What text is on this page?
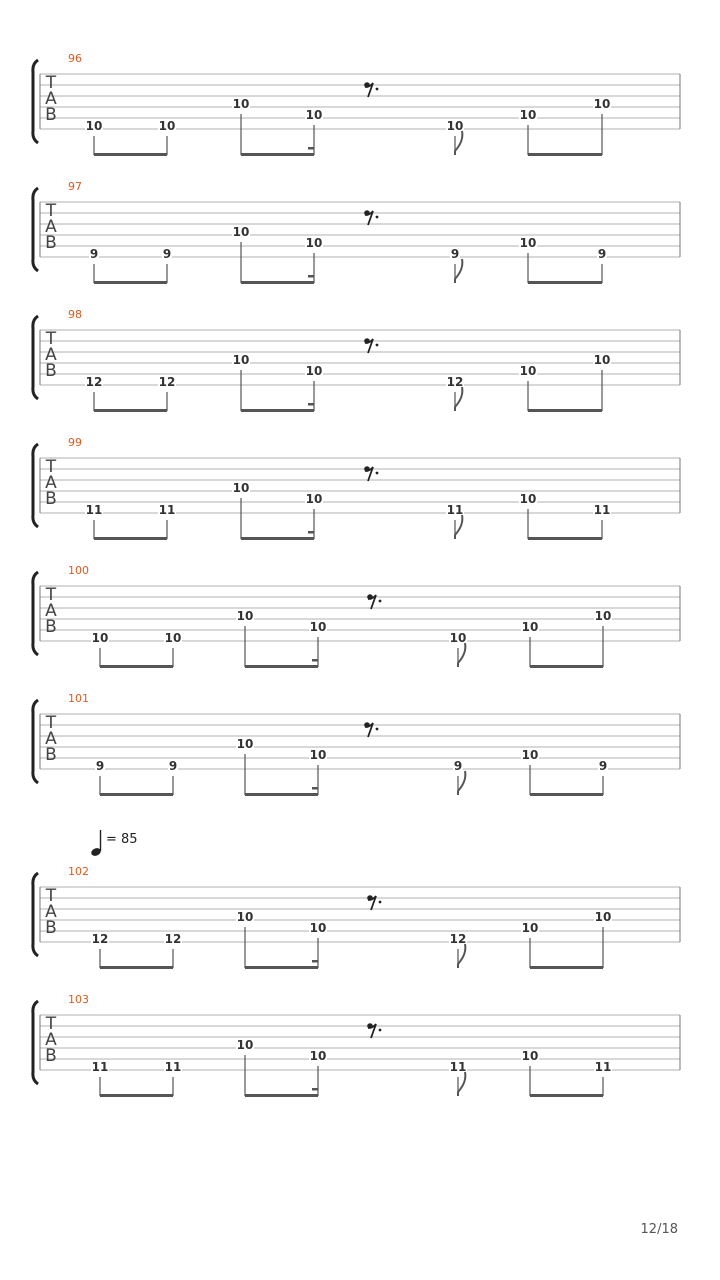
T
A
B
96
10	10
10
10
10
10
10
T
A
B
97
9	9
10
10
9
10
9
T
A
B
98
12	12
10
10
12
10
10
T
A
B
99
11	11
10
10
11
10
11
T
A
B
100
10	10
10
10
10
10
10
T
A
B
101
9	9
10
10
9
10
9
T
A
B
102
12	12
10
10
12
10
10
T
A
B
103
11	11
10
10
11
10
11
= 85
12/18
